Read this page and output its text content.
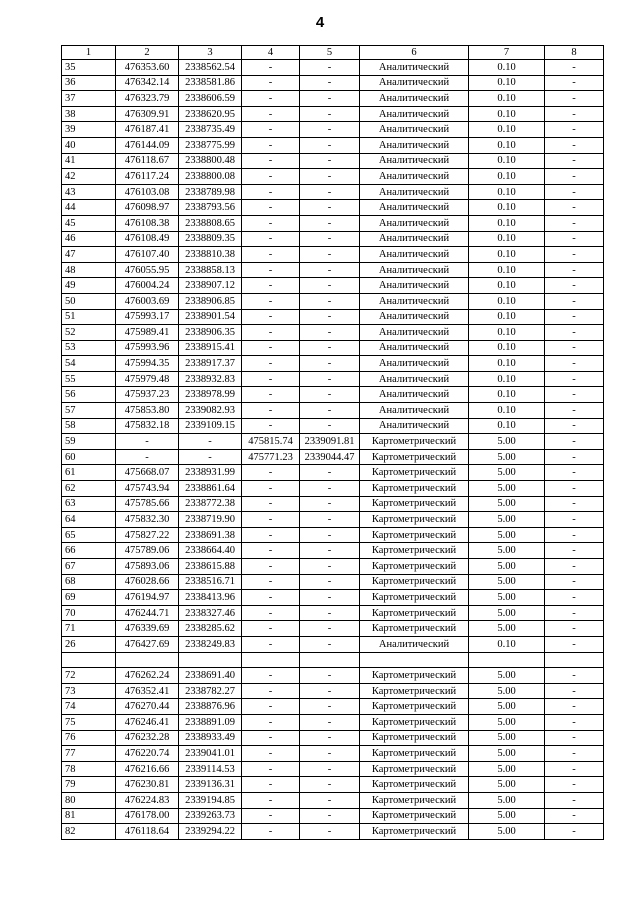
4
1	2	3	4	5	6	7	8
35	476353.60	2338562.54	-	-	Аналитический	0.10	-
36	476342.14	2338581.86	-	-	Аналитический	0.10	-
37	476323.79	2338606.59	-	-	Аналитический	0.10	-
38	476309.91	2338620.95	-	-	Аналитический	0.10	-
39	476187.41	2338735.49	-	-	Аналитический	0.10	-
40	476144.09	2338775.99	-	-	Аналитический	0.10	-
41	476118.67	2338800.48	-	-	Аналитический	0.10	-
42	476117.24	2338800.08	-	-	Аналитический	0.10	-
43	476103.08	2338789.98	-	-	Аналитический	0.10	-
44	476098.97	2338793.56	-	-	Аналитический	0.10	-
45	476108.38	2338808.65	-	-	Аналитический	0.10	-
46	476108.49	2338809.35	-	-	Аналитический	0.10	-
47	476107.40	2338810.38	-	-	Аналитический	0.10	-
48	476055.95	2338858.13	-	-	Аналитический	0.10	-
49	476004.24	2338907.12	-	-	Аналитический	0.10	-
50	476003.69	2338906.85	-	-	Аналитический	0.10	-
51	475993.17	2338901.54	-	-	Аналитический	0.10	-
52	475989.41	2338906.35	-	-	Аналитический	0.10	-
53	475993.96	2338915.41	-	-	Аналитический	0.10	-
54	475994.35	2338917.37	-	-	Аналитический	0.10	-
55	475979.48	2338932.83	-	-	Аналитический	0.10	-
56	475937.23	2338978.99	-	-	Аналитический	0.10	-
57	475853.80	2339082.93	-	-	Аналитический	0.10	-
58	475832.18	2339109.15	-	-	Аналитический	0.10	-
59	-	-	475815.74	2339091.81	Картометрический	5.00	-
60	-	-	475771.23	2339044.47	Картометрический	5.00	-
61	475668.07	2338931.99	-	-	Картометрический	5.00	-
62	475743.94	2338861.64	-	-	Картометрический	5.00	-
63	475785.66	2338772.38	-	-	Картометрический	5.00	-
64	475832.30	2338719.90	-	-	Картометрический	5.00	-
65	475827.22	2338691.38	-	-	Картометрический	5.00	-
66	475789.06	2338664.40	-	-	Картометрический	5.00	-
67	475893.06	2338615.88	-	-	Картометрический	5.00	-
68	476028.66	2338516.71	-	-	Картометрический	5.00	-
69	476194.97	2338413.96	-	-	Картометрический	5.00	-
70	476244.71	2338327.46	-	-	Картометрический	5.00	-
71	476339.69	2338285.62	-	-	Картометрический	5.00	-
26	476427.69	2338249.83	-	-	Аналитический	0.10	-

72	476262.24	2338691.40	-	-	Картометрический	5.00	-
73	476352.41	2338782.27	-	-	Картометрический	5.00	-
74	476270.44	2338876.96	-	-	Картометрический	5.00	-
75	476246.41	2338891.09	-	-	Картометрический	5.00	-
76	476232.28	2338933.49	-	-	Картометрический	5.00	-
77	476220.74	2339041.01	-	-	Картометрический	5.00	-
78	476216.66	2339114.53	-	-	Картометрический	5.00	-
79	476230.81	2339136.31	-	-	Картометрический	5.00	-
80	476224.83	2339194.85	-	-	Картометрический	5.00	-
81	476178.00	2339263.73	-	-	Картометрический	5.00	-
82	476118.64	2339294.22	-	-	Картометрический	5.00	-
